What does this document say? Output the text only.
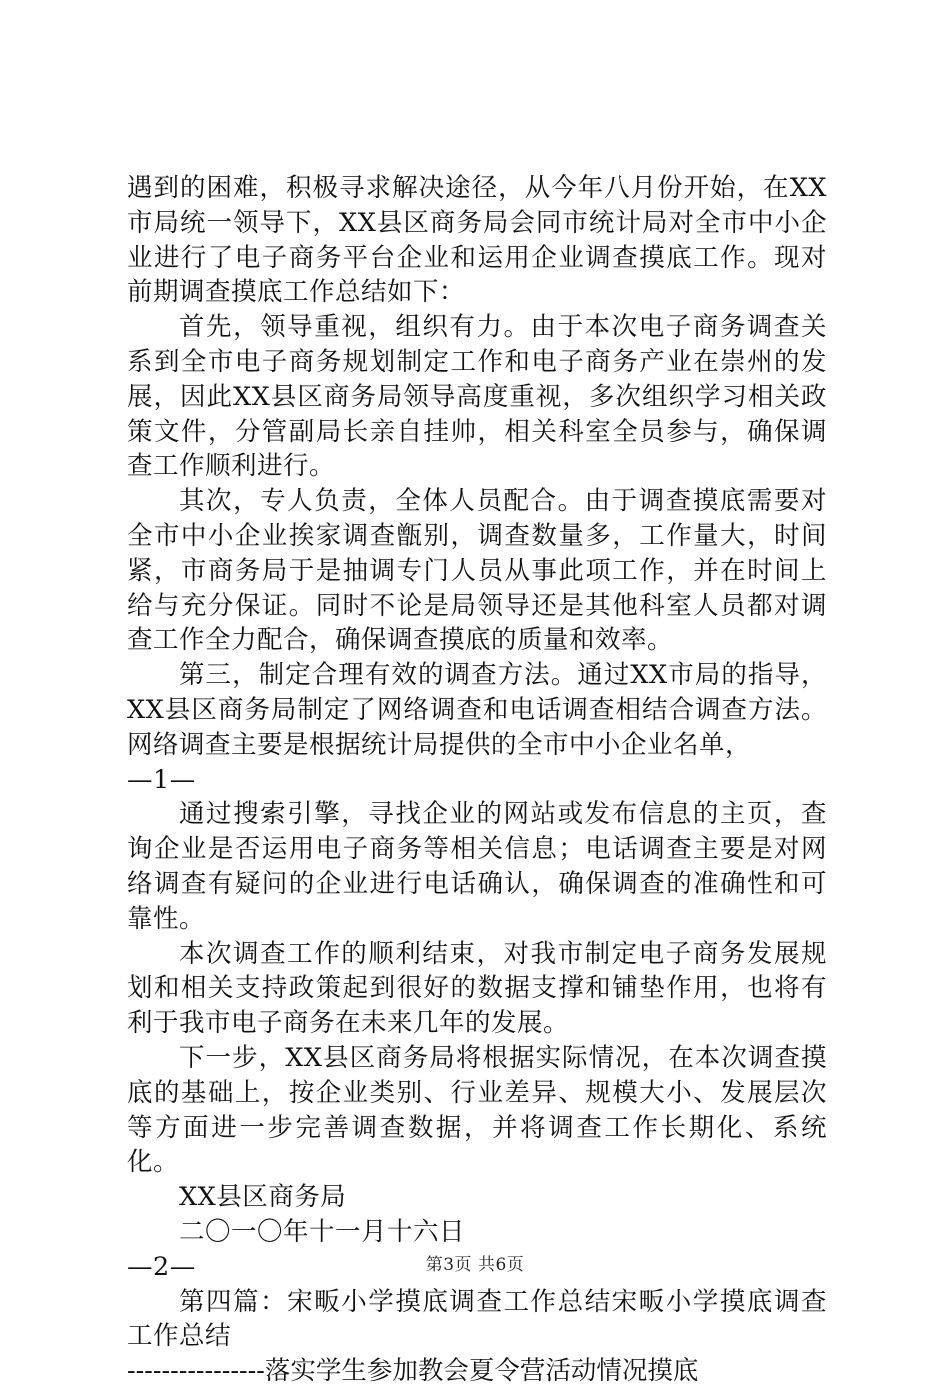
遇到的困难，积极寻求解决途径，从今年八月份开始，在XX市局统一领导下，XX县区商务局会同市统计局对全市中小企业进行了电子商务平台企业和运用企业调查摸底工作。现对前期调查摸底工作总结如下：

首先，领导重视，组织有力。由于本次电子商务调查关系到全市电子商务规划制定工作和电子商务产业在崇州的发展，因此XX县区商务局领导高度重视，多次组织学习相关政策文件，分管副局长亲自挂帅，相关科室全员参与，确保调查工作顺利进行。

其次，专人负责，全体人员配合。由于调查摸底需要对全市中小企业挨家调查甑别，调查数量多，工作量大，时间紧，市商务局于是抽调专门人员从事此项工作，并在时间上给与充分保证。同时不论是局领导还是其他科室人员都对调查工作全力配合，确保调查摸底的质量和效率。

第三，制定合理有效的调查方法。通过XX市局的指导，XX县区商务局制定了网络调查和电话调查相结合调查方法。网络调查主要是根据统计局提供的全市中小企业名单，

—1—

通过搜索引擎，寻找企业的网站或发布信息的主页，查询企业是否运用电子商务等相关信息；电话调查主要是对网络调查有疑问的企业进行电话确认，确保调查的准确性和可靠性。

本次调查工作的顺利结束，对我市制定电子商务发展规划和相关支持政策起到很好的数据支撑和铺垫作用，也将有利于我市电子商务在未来几年的发展。

下一步，XX县区商务局将根据实际情况，在本次调查摸底的基础上，按企业类别、行业差异、规模大小、发展层次等方面进一步完善调查数据，并将调查工作长期化、系统化。

XX县区商务局

二〇一〇年十一月十六日

—2—

第四篇：宋畈小学摸底调查工作总结宋畈小学摸底调查工作总结

----------------落实学生参加教会夏令营活动情况摸底

第3页 共6页
